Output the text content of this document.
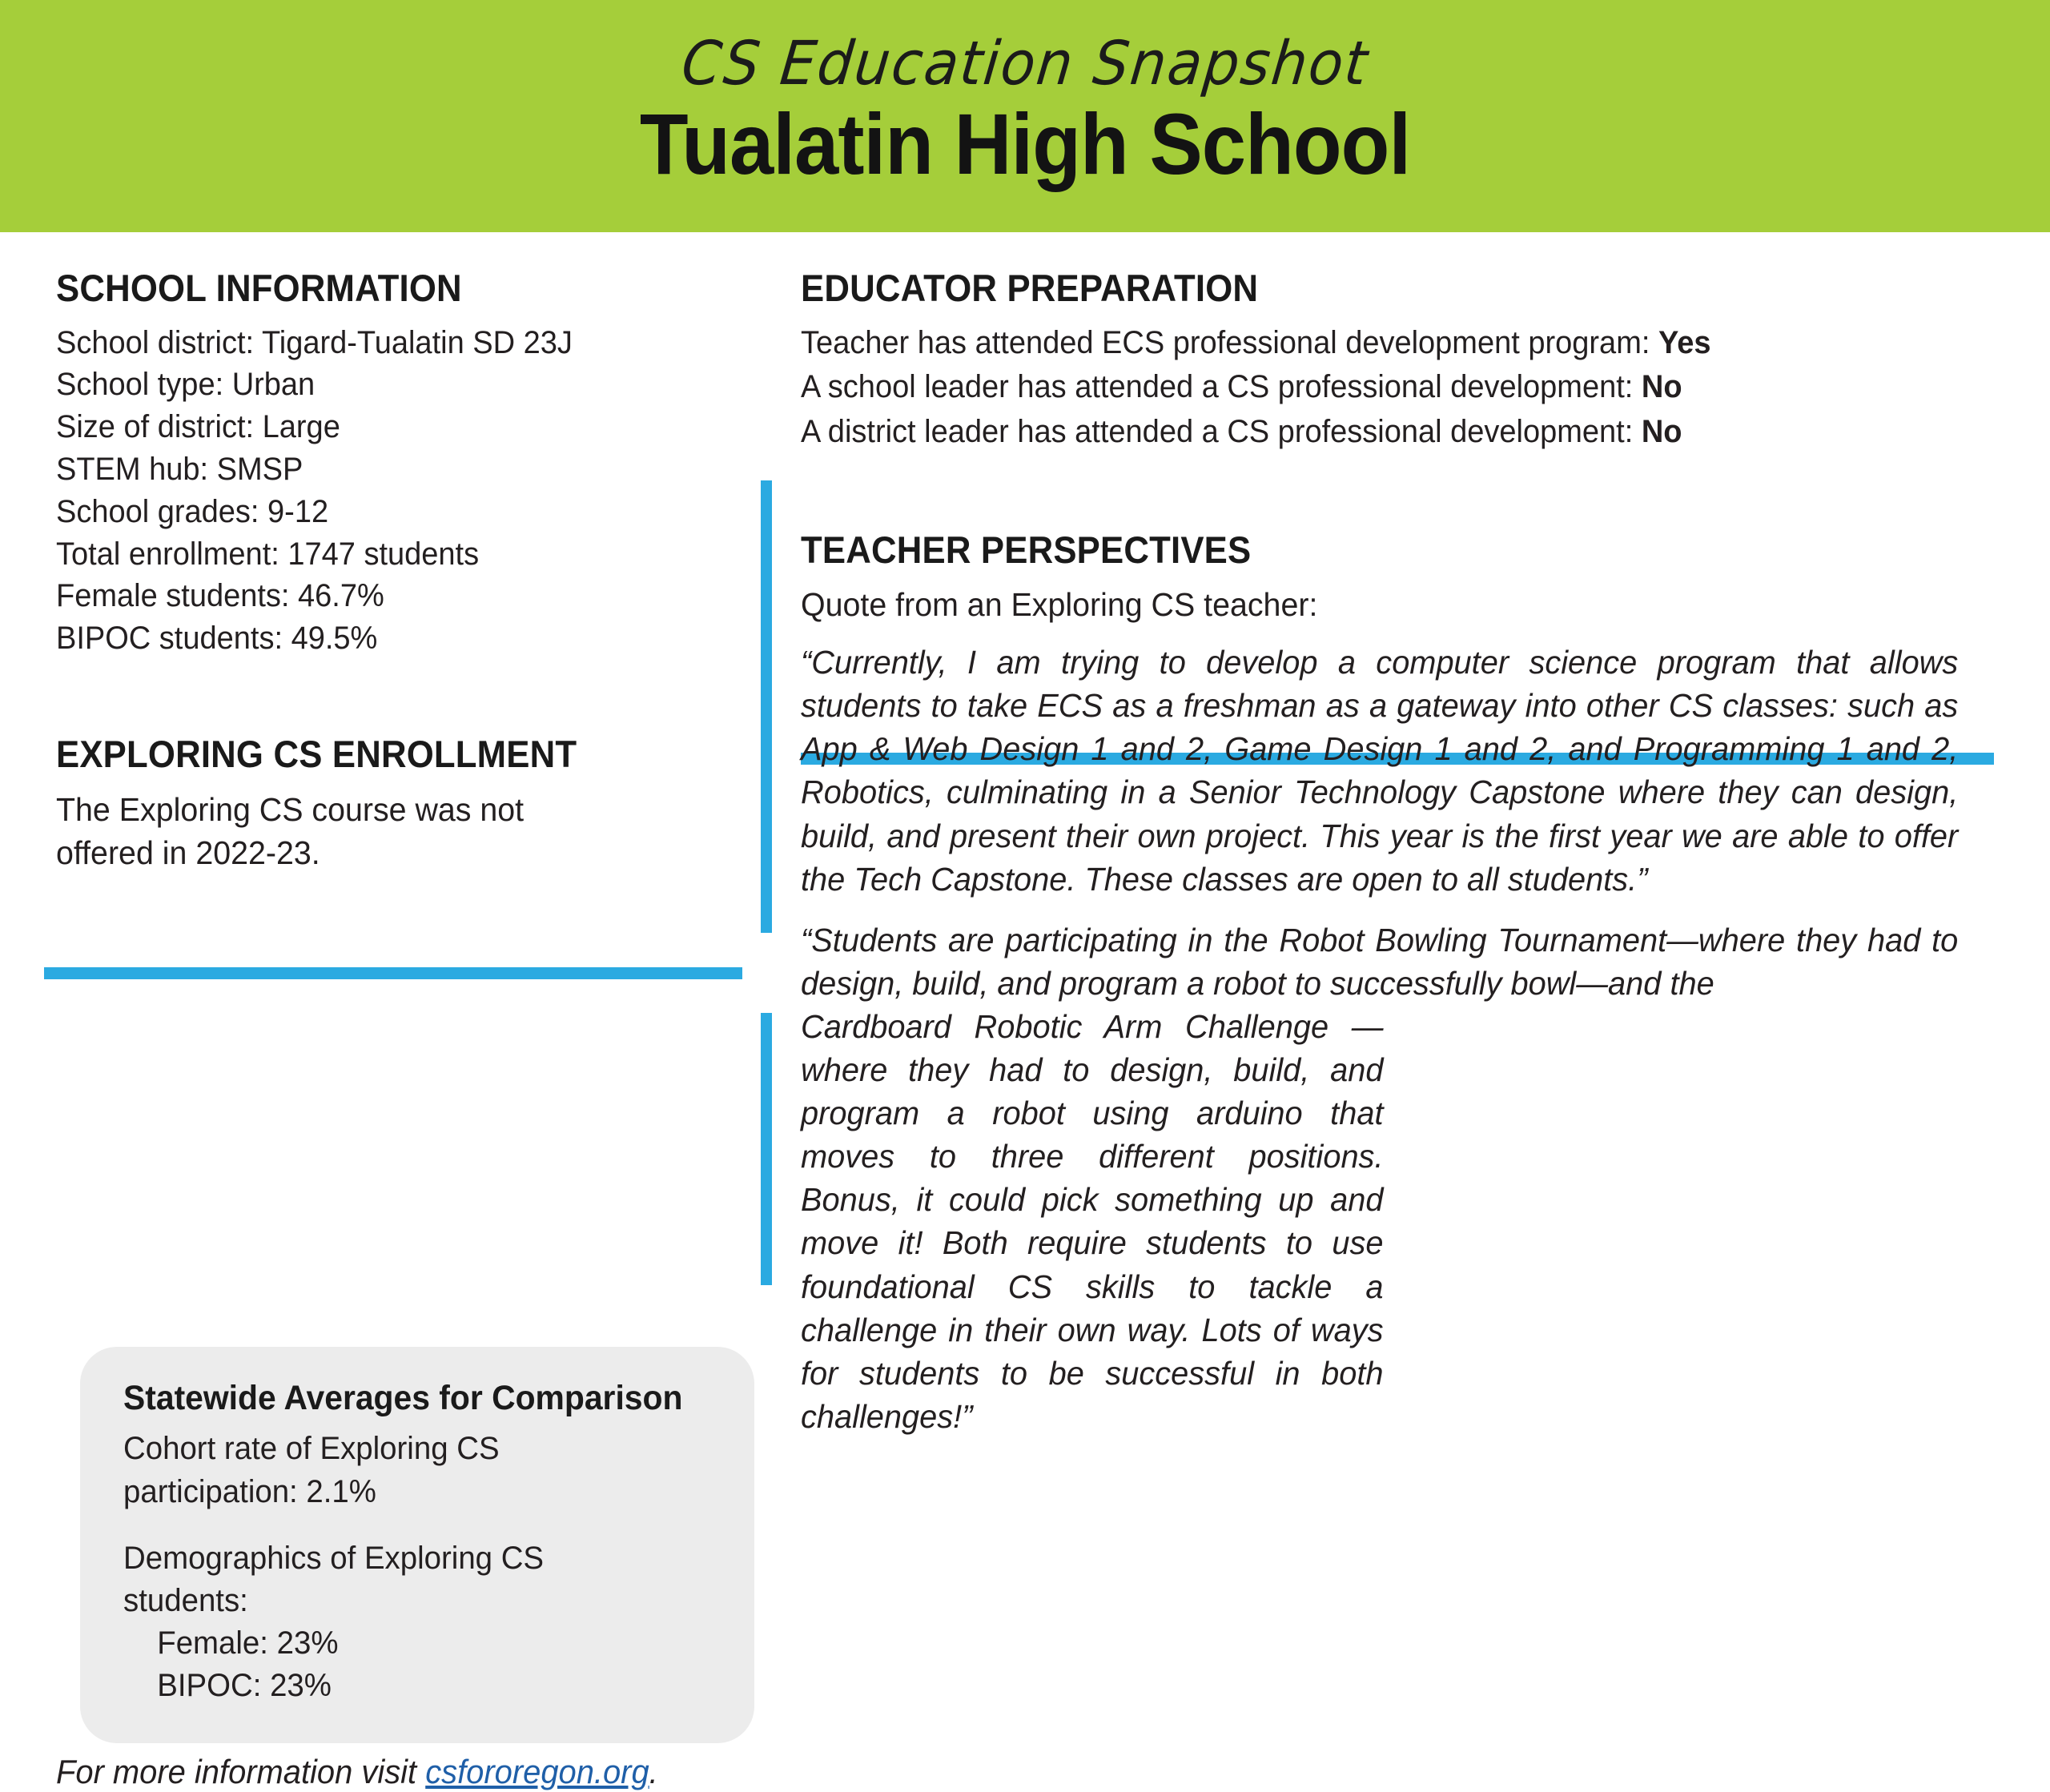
CS Education Snapshot
Tualatin High School
SCHOOL INFORMATION

School district: Tigard-Tualatin SD 23J

School type: Urban

Size of district: Large

STEM hub: SMSP

School grades: 9-12

Total enrollment: 1747 students

Female students: 46.7%

BIPOC students: 49.5%

EXPLORING CS ENROLLMENT

The Exploring CS course was not offered in 2022-23.

Statewide Averages for Comparison

Cohort rate of Exploring CS

participation: 2.1%

Demographics of Exploring CS

students:

Female: 23%

BIPOC: 23%

For more information visit csfororegon.org.
EDUCATOR PREPARATION

Teacher has attended ECS professional development program: Yes

A school leader has attended a CS professional development: No

A district leader has attended a CS professional development: No

TEACHER PERSPECTIVES

Quote from an Exploring CS teacher:

“Currently, I am trying to develop a computer science program that allows students to take ECS as a freshman as a gateway into other CS classes: such as App & Web Design 1 and 2, Game Design 1 and 2, and Programming 1 and 2, Robotics, culminating in a Senior Technology Capstone where they can design, build, and present their own project. This year is the first year we are able to offer the Tech Capstone. These classes are open to all students.”
“Students are participating in the Robot Bowling Tournament—where they had to design, build, and program a robot to successfully bowl—and the
Cardboard Robotic Arm Challenge —where they had to design, build, and program a robot using arduino that moves to three different positions. Bonus, it could pick something up and move it! Both require students to use foundational CS skills to tackle a challenge in their own way. Lots of ways for students to be successful in both challenges!”
